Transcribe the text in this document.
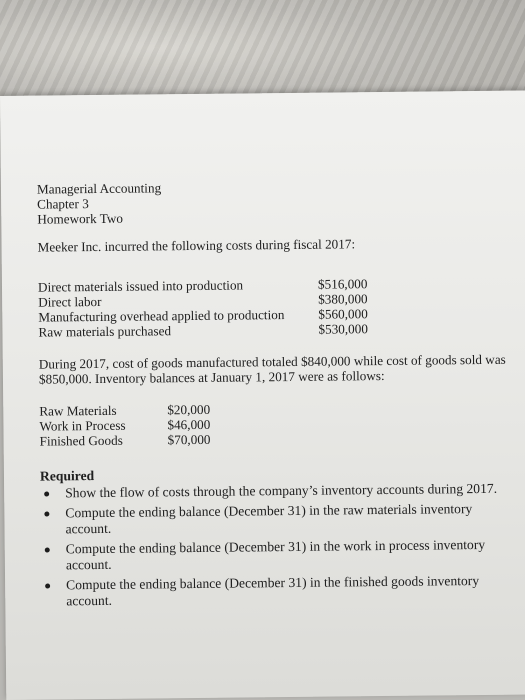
Managerial Accounting
Chapter 3
Homework Two
Meeker Inc. incurred the following costs during fiscal 2017:
Direct materials issued into production	$516,000
Direct labor	$380,000
Manufacturing overhead applied to production	$560,000
Raw materials purchased	$530,000
During 2017, cost of goods manufactured totaled $840,000 while cost of goods sold was $850,000. Inventory balances at January 1, 2017 were as follows:
Raw Materials	$20,000
Work in Process	$46,000
Finished Goods	$70,000
Required
Show the flow of costs through the company’s inventory accounts during 2017.
Compute the ending balance (December 31) in the raw materials inventory account.
Compute the ending balance (December 31) in the work in process inventory account.
Compute the ending balance (December 31) in the finished goods inventory account.
